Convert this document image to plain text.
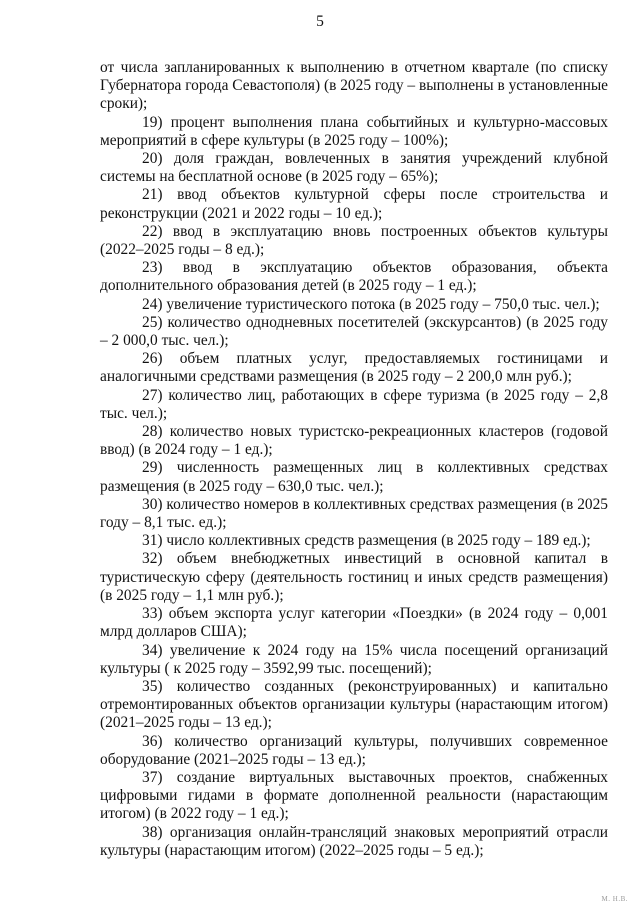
5

от числа запланированных к выполнению в отчетном квартале (по списку Губернатора города Севастополя) (в 2025 году – выполнены в установленные сроки);

19) процент выполнения плана событийных и культурно-массовых мероприятий в сфере культуры (в 2025 году – 100%);

20) доля граждан, вовлеченных в занятия учреждений клубной системы на бесплатной основе (в 2025 году – 65%);

21) ввод объектов культурной сферы после строительства и реконструкции (2021 и 2022 годы – 10 ед.);

22) ввод в эксплуатацию вновь построенных объектов культуры (2022–2025 годы – 8 ед.);

23) ввод в эксплуатацию объектов образования, объекта дополнительного образования детей (в 2025 году – 1 ед.);

24) увеличение туристического потока (в 2025 году – 750,0 тыс. чел.);

25) количество однодневных посетителей (экскурсантов) (в 2025 году – 2 000,0 тыс. чел.);

26) объем платных услуг, предоставляемых гостиницами и аналогичными средствами размещения (в 2025 году – 2 200,0 млн руб.);

27) количество лиц, работающих в сфере туризма (в 2025 году – 2,8 тыс. чел.);

28) количество новых туристско-рекреационных кластеров (годовой ввод) (в 2024 году – 1 ед.);

29) численность размещенных лиц в коллективных средствах размещения (в 2025 году – 630,0 тыс. чел.);

30) количество номеров в коллективных средствах размещения (в 2025 году – 8,1 тыс. ед.);

31) число коллективных средств размещения (в 2025 году – 189 ед.);

32) объем внебюджетных инвестиций в основной капитал в туристическую сферу (деятельность гостиниц и иных средств размещения) (в 2025 году – 1,1 млн руб.);

33) объем экспорта услуг категории «Поездки» (в 2024 году – 0,001 млрд долларов США);

34) увеличение к 2024 году на 15% числа посещений организаций культуры ( к 2025 году – 3592,99 тыс. посещений);

35) количество созданных (реконструированных) и капитально отремонтированных объектов организации культуры (нарастающим итогом) (2021–2025 годы – 13 ед.);

36) количество организаций культуры, получивших современное оборудование (2021–2025 годы – 13 ед.);

37) создание виртуальных выставочных проектов, снабженных цифровыми гидами в формате дополненной реальности (нарастающим итогом) (в 2022 году – 1 ед.);

38) организация онлайн-трансляций знаковых мероприятий отрасли культуры (нарастающим итогом) (2022–2025 годы – 5 ед.);

M. H.B.
